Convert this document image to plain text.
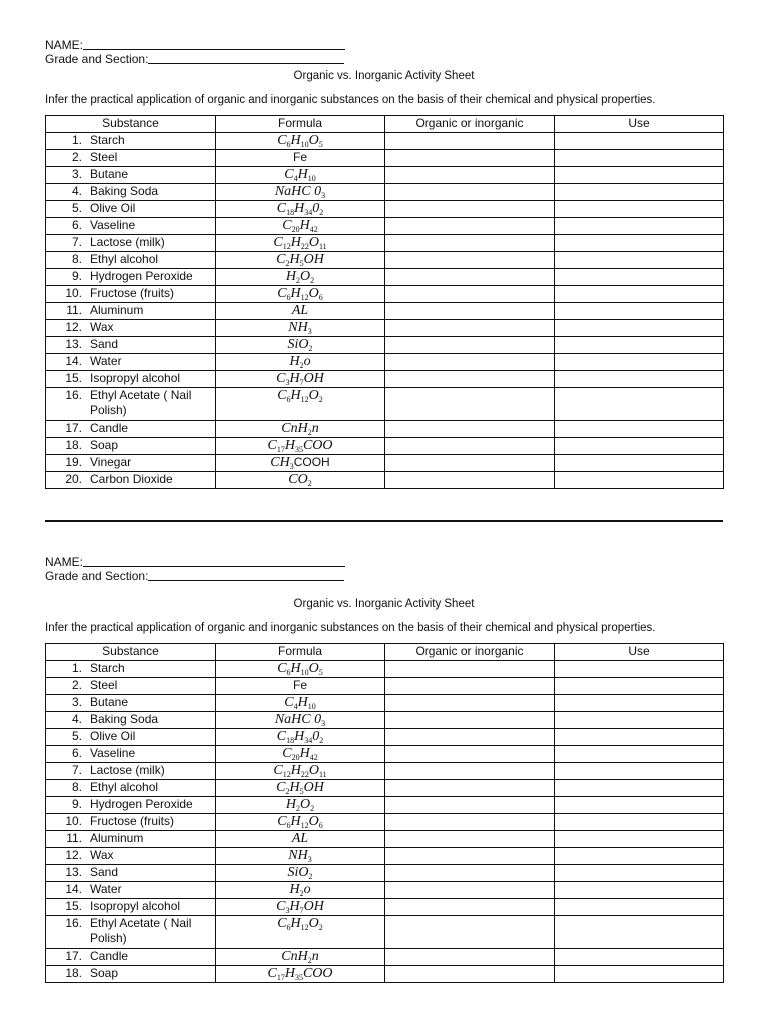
NAME:
Grade and Section:
Organic vs. Inorganic Activity Sheet
Infer the practical application of organic and inorganic substances on the basis of their chemical and physical properties.
Substance	Formula	Organic or inorganic	Use

1. Starch	$C_6H_{10}O_5$		

2. Steel	Fe		

3. Butane	$C_4H_{10}$		

4. Baking Soda	NaHC $0_3$		

5. Olive Oil	$C_{18}H_{34}0_2$		

6. Vaseline	$C_{20}H_{42}$		

7. Lactose (milk)	$C_{12}H_{22}O_{11}$		

8. Ethyl alcohol	$C_2H_5OH$		

9. Hydrogen Peroxide	$H_2O_2$		

10. Fructose (fruits)	$C_6H_{12}O_6$		

11. Aluminum	AL		

12. Wax	$NH_3$		

13. Sand	SiO$_2$		

14. Water	$H_2o$		

15. Isopropyl alcohol	$C_3H_7OH$		

16. Ethyl Acetate ( Nail Polish)	$C_6H_{12}O_2$		

17. Candle	CnH$_2$n		

18. Soap	$C_{17}H_{35}COO$		

19. Vinegar	$CH_3COOH$		

20. Carbon Dioxide	$CO_2$		
NAME:
Grade and Section:
Organic vs. Inorganic Activity Sheet
Infer the practical application of organic and inorganic substances on the basis of their chemical and physical properties.
Substance	Formula	Organic or inorganic	Use

1. Starch	$C_6H_{10}O_5$		

2. Steel	Fe		

3. Butane	$C_4H_{10}$		

4. Baking Soda	NaHC $0_3$		

5. Olive Oil	$C_{18}H_{34}0_2$		

6. Vaseline	$C_{20}H_{42}$		

7. Lactose (milk)	$C_{12}H_{22}O_{11}$		

8. Ethyl alcohol	$C_2H_5OH$		

9. Hydrogen Peroxide	$H_2O_2$		

10. Fructose (fruits)	$C_6H_{12}O_6$		

11. Aluminum	AL		

12. Wax	$NH_3$		

13. Sand	SiO$_2$		

14. Water	$H_2o$		

15. Isopropyl alcohol	$C_3H_7OH$		

16. Ethyl Acetate ( Nail Polish)	$C_6H_{12}O_2$		

17. Candle	CnH$_2$n		

18. Soap	$C_{17}H_{35}COO$		
